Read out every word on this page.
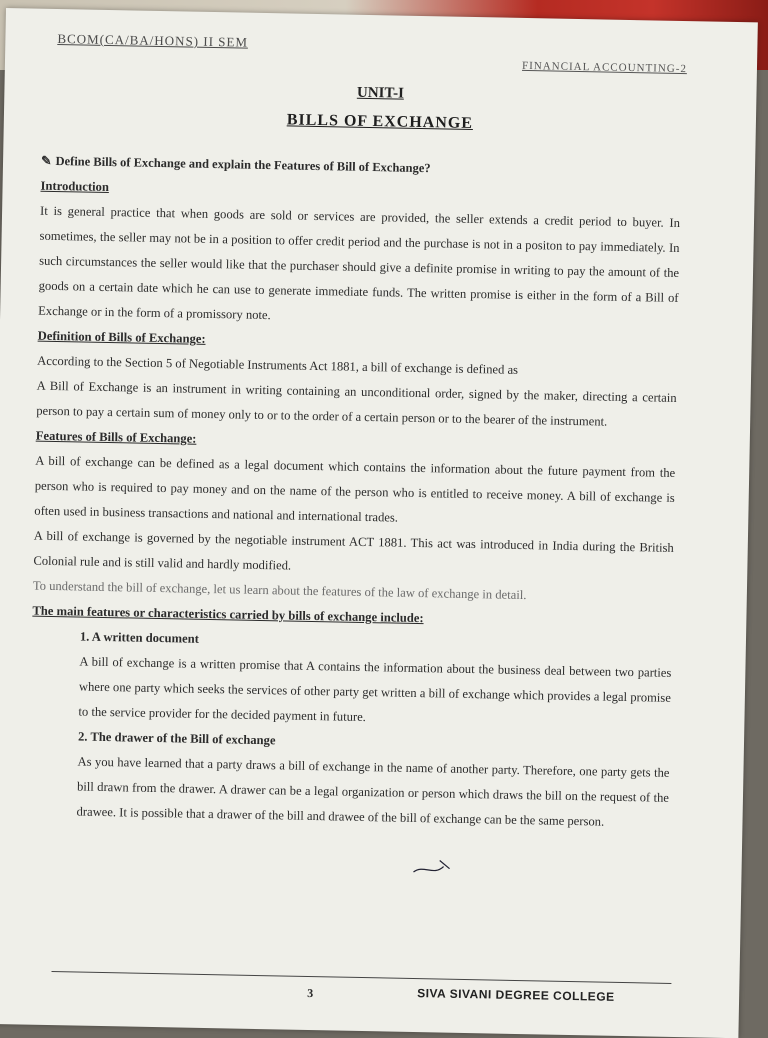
BCOM(CA/BA/HONS) II SEM
FINANCIAL ACCOUNTING-2
UNIT-I
BILLS OF EXCHANGE

✎ Define Bills of Exchange and explain the Features of Bill of Exchange?

Introduction

It is general practice that when goods are sold or services are provided, the seller extends a credit period to buyer. In sometimes, the seller may not be in a position to offer credit period and the purchase is not in a positon to pay immediately. In such circumstances the seller would like that the purchaser should give a definite promise in writing to pay the amount of the goods on a certain date which he can use to generate immediate funds. The written promise is either in the form of a Bill of Exchange or in the form of a promissory note.

Definition of Bills of Exchange:

According to the Section 5 of Negotiable Instruments Act 1881, a bill of exchange is defined as

A Bill of Exchange is an instrument in writing containing an unconditional order, signed by the maker, directing a certain person to pay a certain sum of money only to or to the order of a certain person or to the bearer of the instrument.

Features of Bills of Exchange:

A bill of exchange can be defined as a legal document which contains the information about the future payment from the person who is required to pay money and on the name of the person who is entitled to receive money. A bill of exchange is often used in business transactions and national and international trades.

A bill of exchange is governed by the negotiable instrument ACT 1881. This act was introduced in India during the British Colonial rule and is still valid and hardly modified.

To understand the bill of exchange, let us learn about the features of the law of exchange in detail.

The main features or characteristics carried by bills of exchange include:

1. A written document

A bill of exchange is a written promise that A contains the information about the business deal between two parties where one party which seeks the services of other party get written a bill of exchange which provides a legal promise to the service provider for the decided payment in future.

2. The drawer of the Bill of exchange

As you have learned that a party draws a bill of exchange in the name of another party. Therefore, one party gets the bill drawn from the drawer. A drawer can be a legal organization or person which draws the bill on the request of the drawee. It is possible that a drawer of the bill and drawee of the bill of exchange can be the same person.

3	SIVA SIVANI DEGREE COLLEGE
